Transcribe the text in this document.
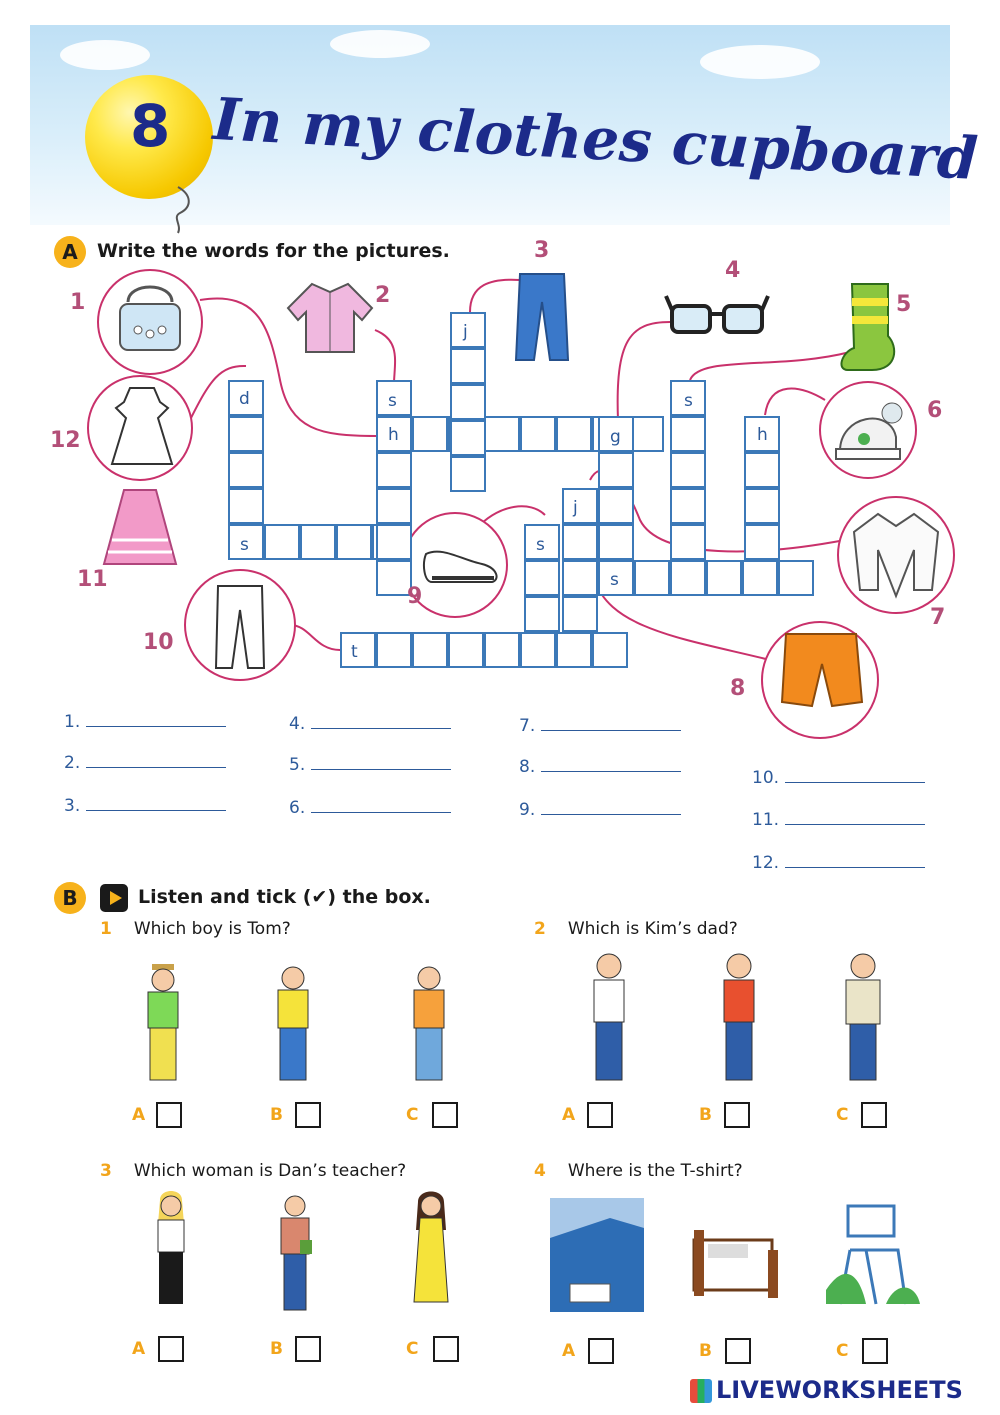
8 In my clothes cupboard
A	Write the words for the pictures.
d	s
h
j
g
s
h
s
j
s
s
t
1	2
3
4
5
6
7
8
9
10
11
12
1.
2.
3.
4.
5.
6.
7.
8.
9.
10.
11.
12.
B	Listen and tick (✔) the box.
1 Which boy is Tom?	2 Which is Kim’s dad?
3 Which woman is Dan’s teacher?	4 Where is the T-shirt?
A	B	C	A	B	C
A	B	C	A	B	C
LIVEWORKSHEETS
